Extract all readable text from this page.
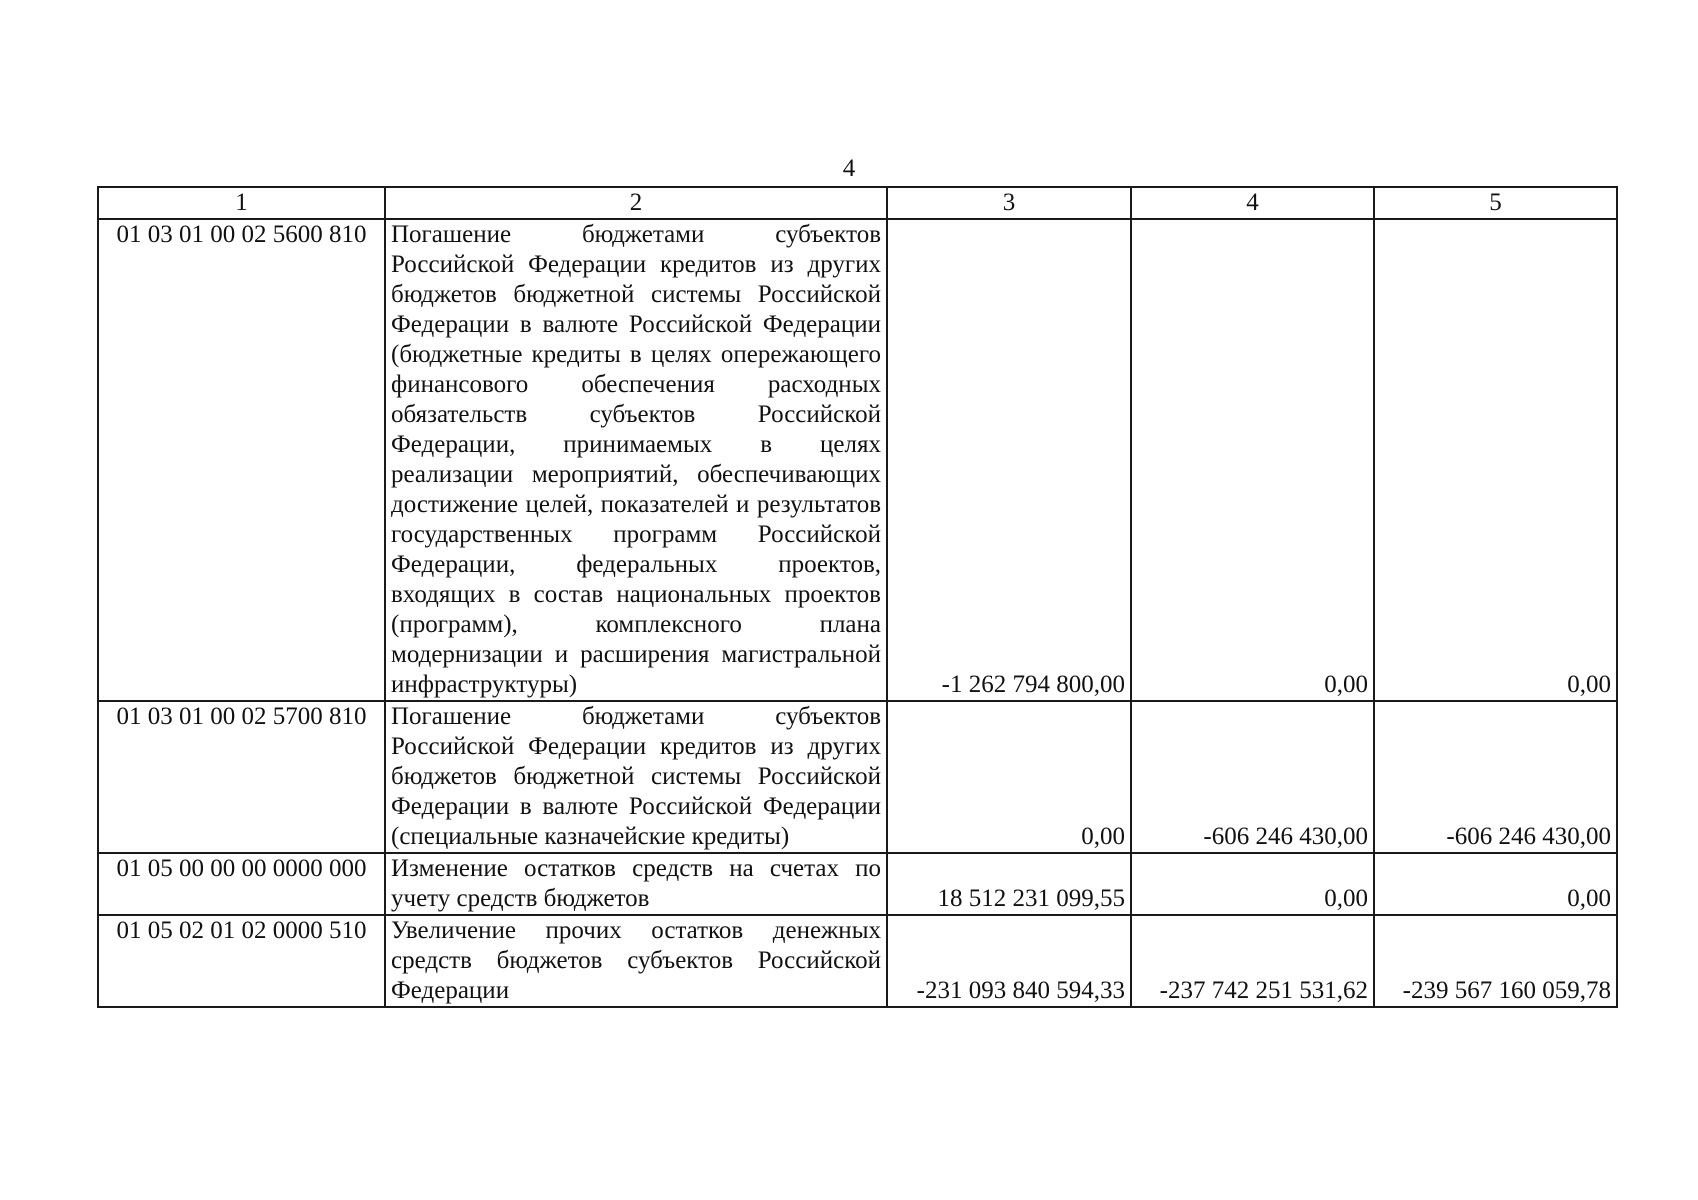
4
1	2	3	4	5
01 03 01 00 02 5600 810	Погашение бюджетами субъектов Российской Федерации кредитов из других бюджетов бюджетной системы Российской Федерации в валюте Российской Федерации (бюджетные кредиты в целях опережающего финансового обеспечения расходных обязательств субъектов Российской Федерации, принимаемых в целях реализации мероприятий, обеспечивающих достижение целей, показателей и результатов государственных программ Российской Федерации, федеральных проектов, входящих в состав национальных проектов (программ), комплексного плана модернизации и расширения магистральной инфраструктуры)	-1 262 794 800,00	0,00	0,00
01 03 01 00 02 5700 810	Погашение бюджетами субъектов Российской Федерации кредитов из других бюджетов бюджетной системы Российской Федерации в валюте Российской Федерации (специальные казначейские кредиты)	0,00	-606 246 430,00	-606 246 430,00
01 05 00 00 00 0000 000	Изменение остатков средств на счетах по учету средств бюджетов	18 512 231 099,55	0,00	0,00
01 05 02 01 02 0000 510	Увеличение прочих остатков денежных средств бюджетов субъектов Российской Федерации	-231 093 840 594,33	-237 742 251 531,62	-239 567 160 059,78
